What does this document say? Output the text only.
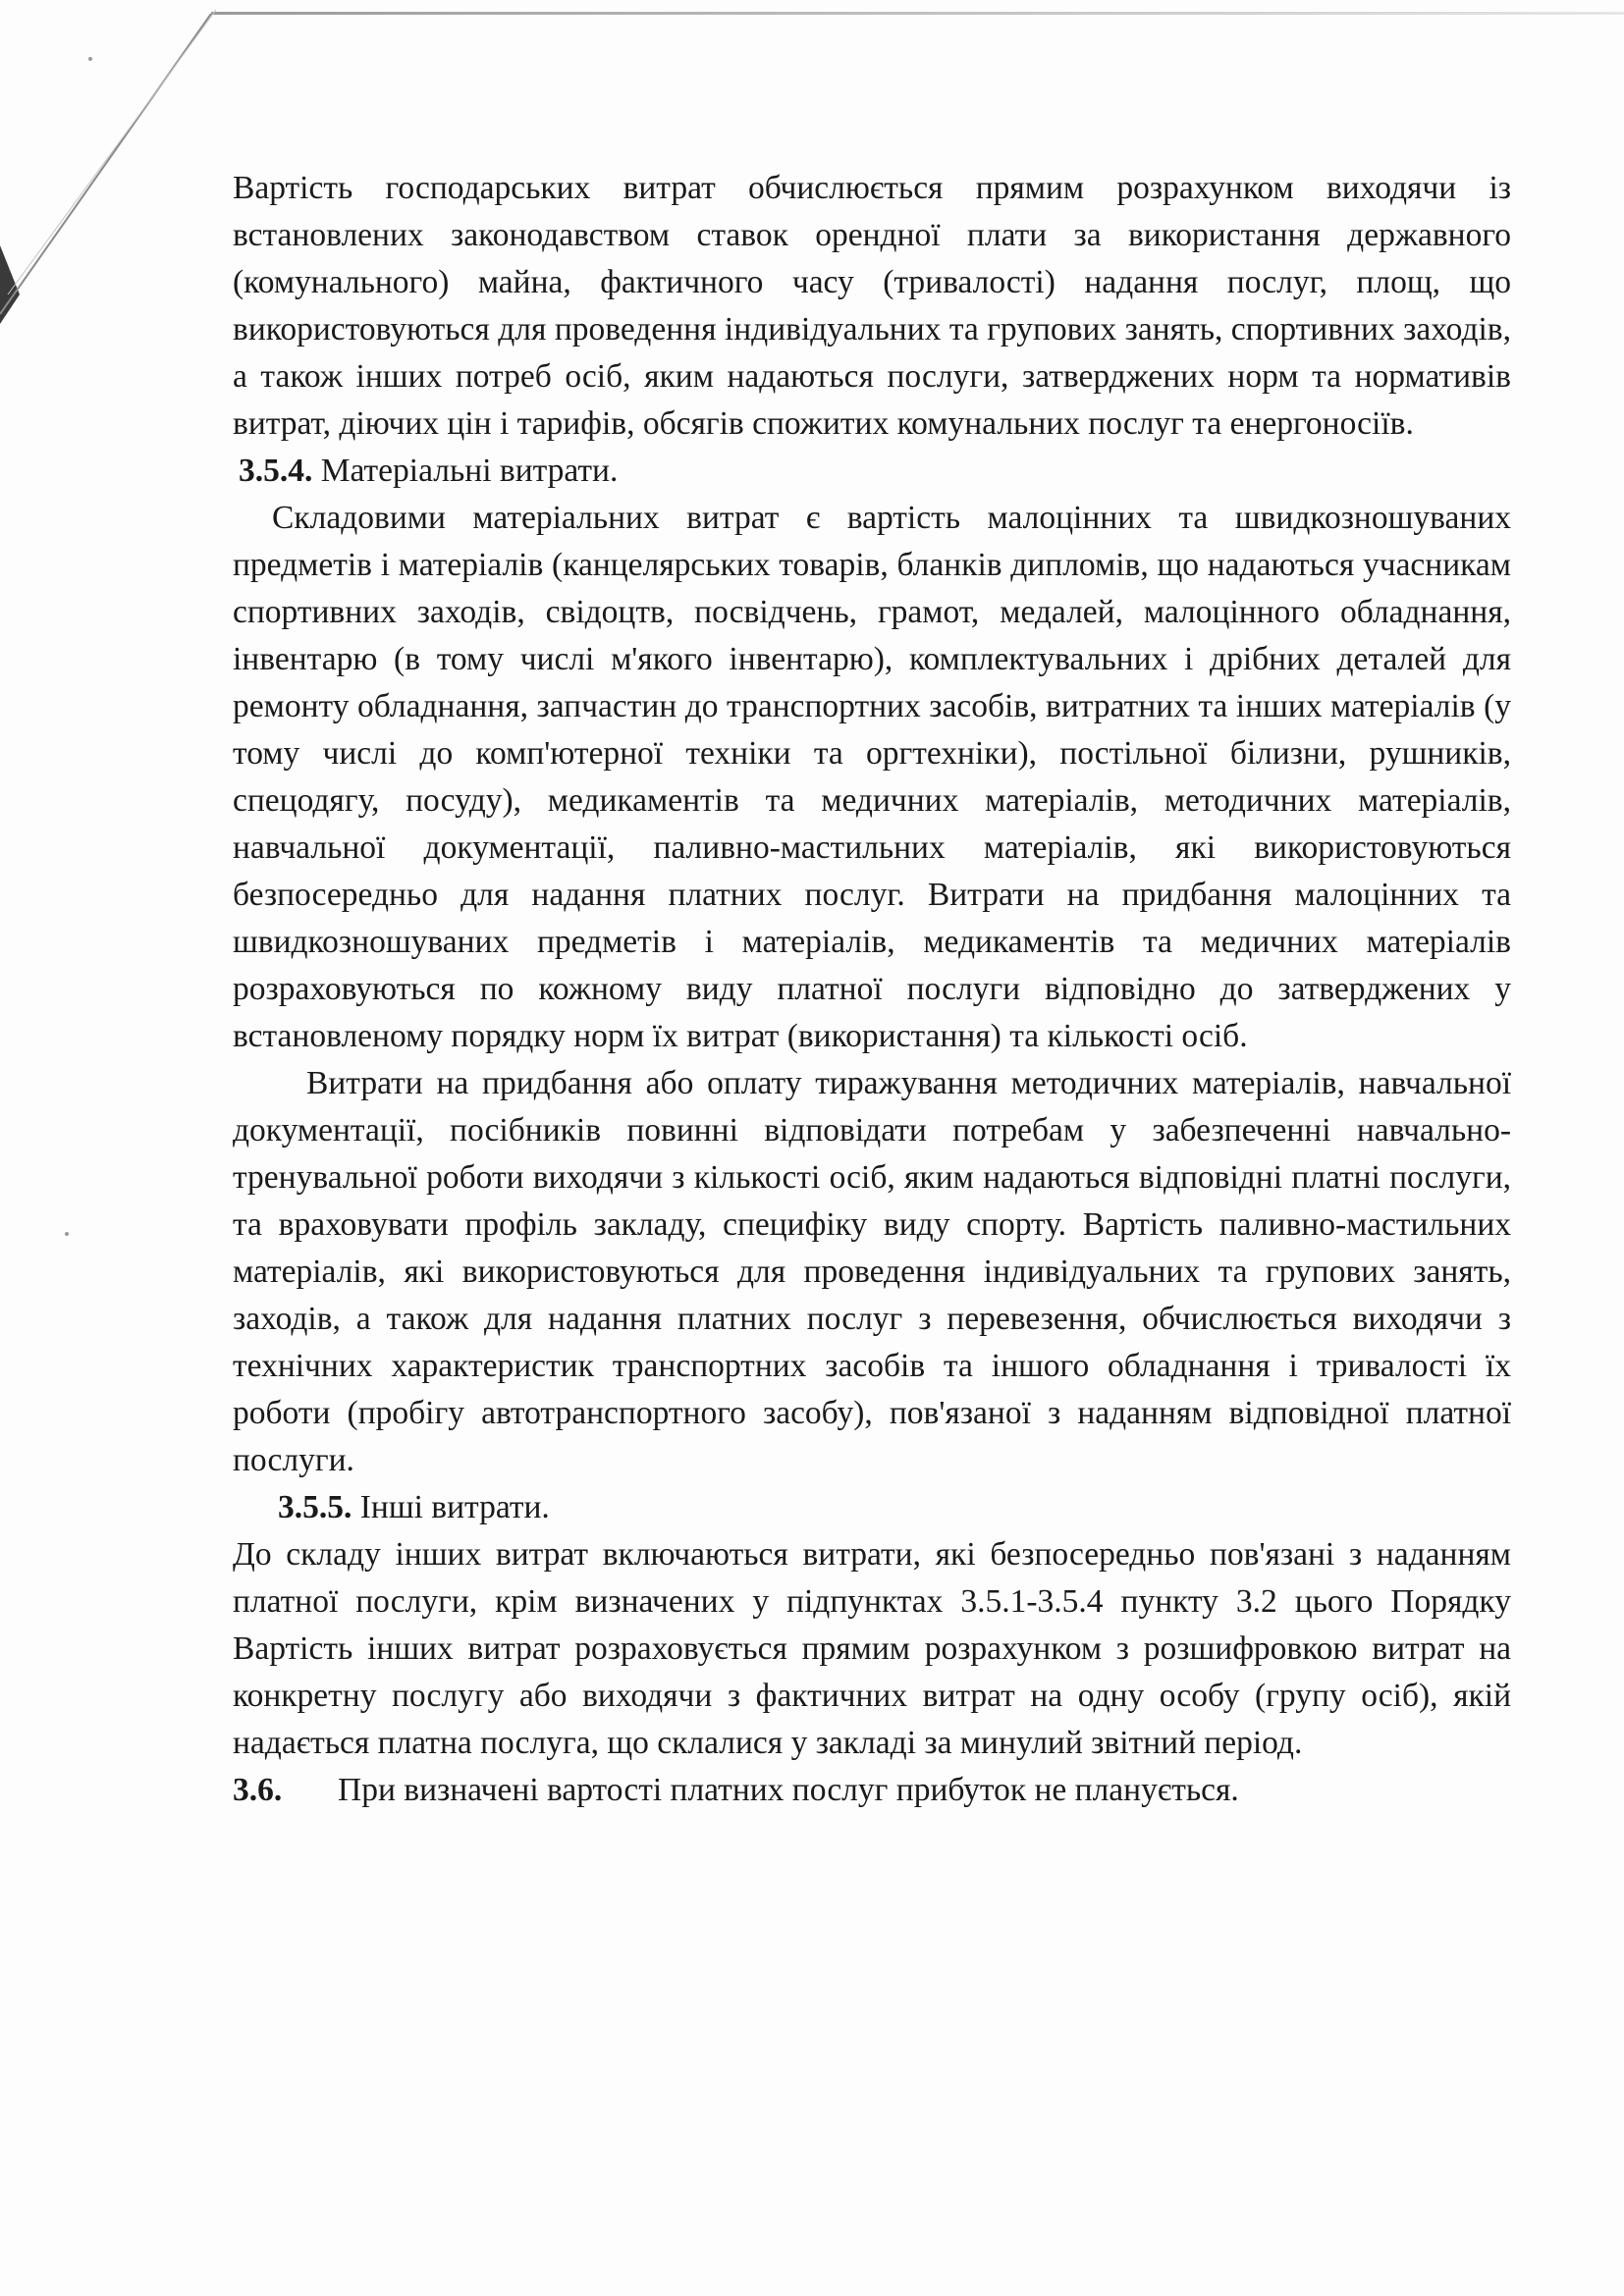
Вартість господарських витрат обчислюється прямим розрахунком виходячи із встановлених законодавством ставок орендної плати за використання державного (комунального) майна, фактичного часу (тривалості) надання послуг, площ, що використовуються для проведення індивідуальних та групових занять, спортивних заходів, а також інших потреб осіб, яким надаються послуги, затверджених норм та нормативів витрат, діючих цін і тарифів, обсягів спожитих комунальних послуг та енергоносіїв.

3.5.4. Матеріальні витрати.

Складовими матеріальних витрат є вартість малоцінних та швидкозношуваних предметів і матеріалів (канцелярських товарів, бланків дипломів, що надаються учасникам спортивних заходів, свідоцтв, посвідчень, грамот, медалей, малоцінного обладнання, інвентарю (в тому числі м'якого інвентарю), комплектувальних і дрібних деталей для ремонту обладнання, запчастин до транспортних засобів, витратних та інших матеріалів (у тому числі до комп'ютерної техніки та оргтехніки), постільної білизни, рушників, спецодягу, посуду), медикаментів та медичних матеріалів, методичних матеріалів, навчальної документації, паливно-мастильних матеріалів, які використовуються безпосередньо для надання платних послуг. Витрати на придбання малоцінних та швидкозношуваних предметів і матеріалів, медикаментів та медичних матеріалів розраховуються по кожному виду платної послуги відповідно до затверджених у встановленому порядку норм їх витрат (використання) та кількості осіб.

Витрати на придбання або оплату тиражування методичних матеріалів, навчальної документації, посібників повинні відповідати потребам у забезпеченні навчально-тренувальної роботи виходячи з кількості осіб, яким надаються відповідні платні послуги, та враховувати профіль закладу, специфіку виду спорту. Вартість паливно-мастильних матеріалів, які використовуються для проведення індивідуальних та групових занять, заходів, а також для надання платних послуг з перевезення, обчислюється виходячи з технічних характеристик транспортних засобів та іншого обладнання і тривалості їх роботи (пробігу автотранспортного засобу), пов'язаної з наданням відповідної платної послуги.

3.5.5. Інші витрати.

До складу інших витрат включаються витрати, які безпосередньо пов'язані з наданням платної послуги, крім визначених у підпунктах 3.5.1-3.5.4 пункту 3.2 цього Порядку Вартість інших витрат розраховується прямим розрахунком з розшифровкою витрат на конкретну послугу або виходячи з фактичних витрат на одну особу (групу осіб), якій надається платна послуга, що склалися у закладі за минулий звітний період.

3.6. При визначені вартості платних послуг прибуток не планується.
